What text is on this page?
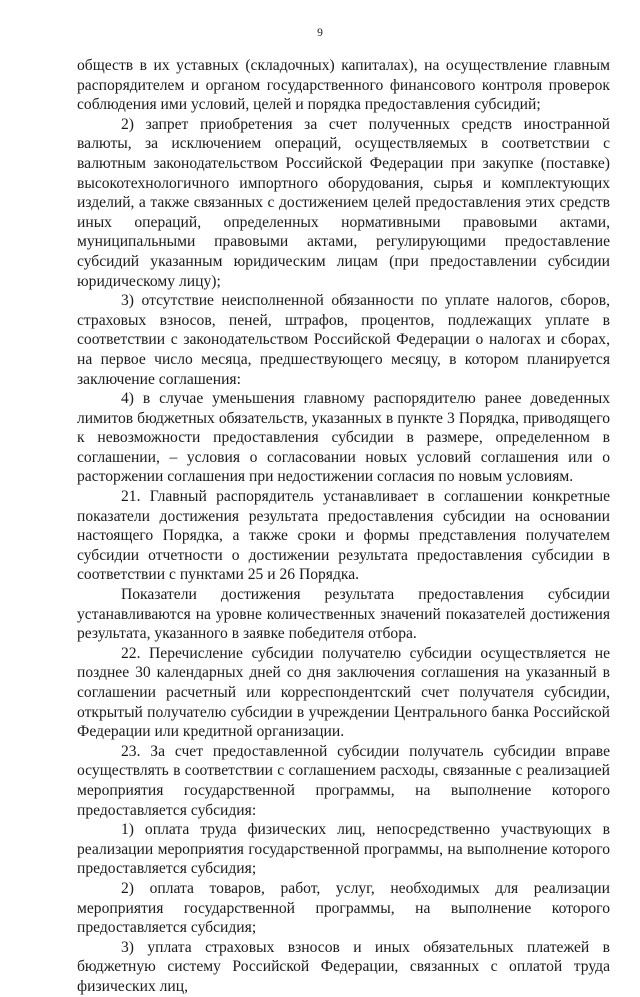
9

обществ в их уставных (складочных) капиталах), на осуществление главным распорядителем и органом государственного финансового контроля проверок соблюдения ими условий, целей и порядка предоставления субсидий;

2) запрет приобретения за счет полученных средств иностранной валюты, за исключением операций, осуществляемых в соответствии с валютным законодательством Российской Федерации при закупке (поставке) высокотехнологичного импортного оборудования, сырья и комплектующих изделий, а также связанных с достижением целей предоставления этих средств иных операций, определенных нормативными правовыми актами, муниципальными правовыми актами, регулирующими предоставление субсидий указанным юридическим лицам (при предоставлении субсидии юридическому лицу);

3) отсутствие неисполненной обязанности по уплате налогов, сборов, страховых взносов, пеней, штрафов, процентов, подлежащих уплате в соответствии с законодательством Российской Федерации о налогах и сборах, на первое число месяца, предшествующего месяцу, в котором планируется заключение соглашения:

4) в случае уменьшения главному распорядителю ранее доведенных лимитов бюджетных обязательств, указанных в пункте 3 Порядка, приводящего к невозможности предоставления субсидии в размере, определенном в соглашении, – условия о согласовании новых условий соглашения или о расторжении соглашения при недостижении согласия по новым условиям.

21. Главный распорядитель устанавливает в соглашении конкретные показатели достижения результата предоставления субсидии на основании настоящего Порядка, а также сроки и формы представления получателем субсидии отчетности о достижении результата предоставления субсидии в соответствии с пунктами 25 и 26 Порядка.

Показатели достижения результата предоставления субсидии устанавливаются на уровне количественных значений показателей достижения результата, указанного в заявке победителя отбора.

22. Перечисление субсидии получателю субсидии осуществляется не позднее 30 календарных дней со дня заключения соглашения на указанный в соглашении расчетный или корреспондентский счет получателя субсидии, открытый получателю субсидии в учреждении Центрального банка Российской Федерации или кредитной организации.

23. За счет предоставленной субсидии получатель субсидии вправе осуществлять в соответствии с соглашением расходы, связанные с реализацией мероприятия государственной программы, на выполнение которого предоставляется субсидия:

1) оплата труда физических лиц, непосредственно участвующих в реализации мероприятия государственной программы, на выполнение которого предоставляется субсидия;

2) оплата товаров, работ, услуг, необходимых для реализации мероприятия государственной программы, на выполнение которого предоставляется субсидия;

3) уплата страховых взносов и иных обязательных платежей в бюджетную систему Российской Федерации, связанных с оплатой труда физических лиц,
